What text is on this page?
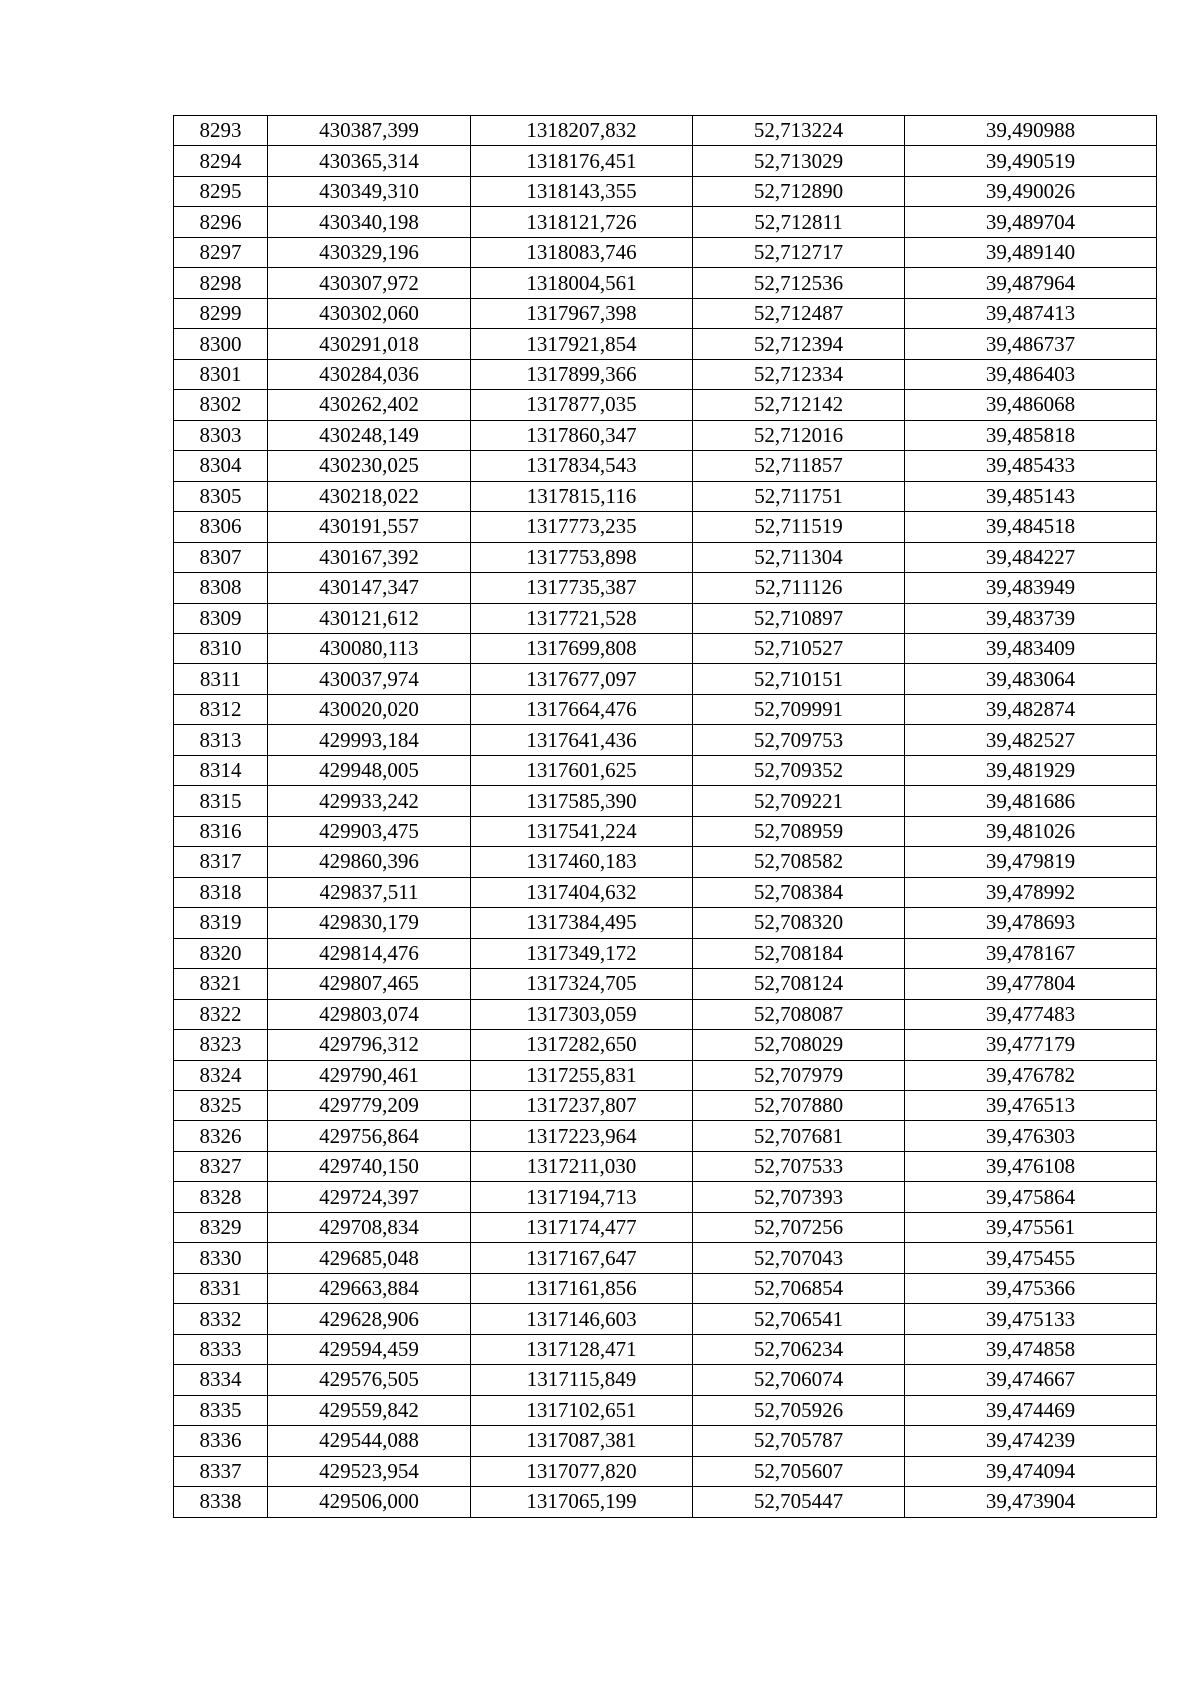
8293	430387,399	1318207,832	52,713224	39,490988
8294	430365,314	1318176,451	52,713029	39,490519
8295	430349,310	1318143,355	52,712890	39,490026
8296	430340,198	1318121,726	52,712811	39,489704
8297	430329,196	1318083,746	52,712717	39,489140
8298	430307,972	1318004,561	52,712536	39,487964
8299	430302,060	1317967,398	52,712487	39,487413
8300	430291,018	1317921,854	52,712394	39,486737
8301	430284,036	1317899,366	52,712334	39,486403
8302	430262,402	1317877,035	52,712142	39,486068
8303	430248,149	1317860,347	52,712016	39,485818
8304	430230,025	1317834,543	52,711857	39,485433
8305	430218,022	1317815,116	52,711751	39,485143
8306	430191,557	1317773,235	52,711519	39,484518
8307	430167,392	1317753,898	52,711304	39,484227
8308	430147,347	1317735,387	52,711126	39,483949
8309	430121,612	1317721,528	52,710897	39,483739
8310	430080,113	1317699,808	52,710527	39,483409
8311	430037,974	1317677,097	52,710151	39,483064
8312	430020,020	1317664,476	52,709991	39,482874
8313	429993,184	1317641,436	52,709753	39,482527
8314	429948,005	1317601,625	52,709352	39,481929
8315	429933,242	1317585,390	52,709221	39,481686
8316	429903,475	1317541,224	52,708959	39,481026
8317	429860,396	1317460,183	52,708582	39,479819
8318	429837,511	1317404,632	52,708384	39,478992
8319	429830,179	1317384,495	52,708320	39,478693
8320	429814,476	1317349,172	52,708184	39,478167
8321	429807,465	1317324,705	52,708124	39,477804
8322	429803,074	1317303,059	52,708087	39,477483
8323	429796,312	1317282,650	52,708029	39,477179
8324	429790,461	1317255,831	52,707979	39,476782
8325	429779,209	1317237,807	52,707880	39,476513
8326	429756,864	1317223,964	52,707681	39,476303
8327	429740,150	1317211,030	52,707533	39,476108
8328	429724,397	1317194,713	52,707393	39,475864
8329	429708,834	1317174,477	52,707256	39,475561
8330	429685,048	1317167,647	52,707043	39,475455
8331	429663,884	1317161,856	52,706854	39,475366
8332	429628,906	1317146,603	52,706541	39,475133
8333	429594,459	1317128,471	52,706234	39,474858
8334	429576,505	1317115,849	52,706074	39,474667
8335	429559,842	1317102,651	52,705926	39,474469
8336	429544,088	1317087,381	52,705787	39,474239
8337	429523,954	1317077,820	52,705607	39,474094
8338	429506,000	1317065,199	52,705447	39,473904
